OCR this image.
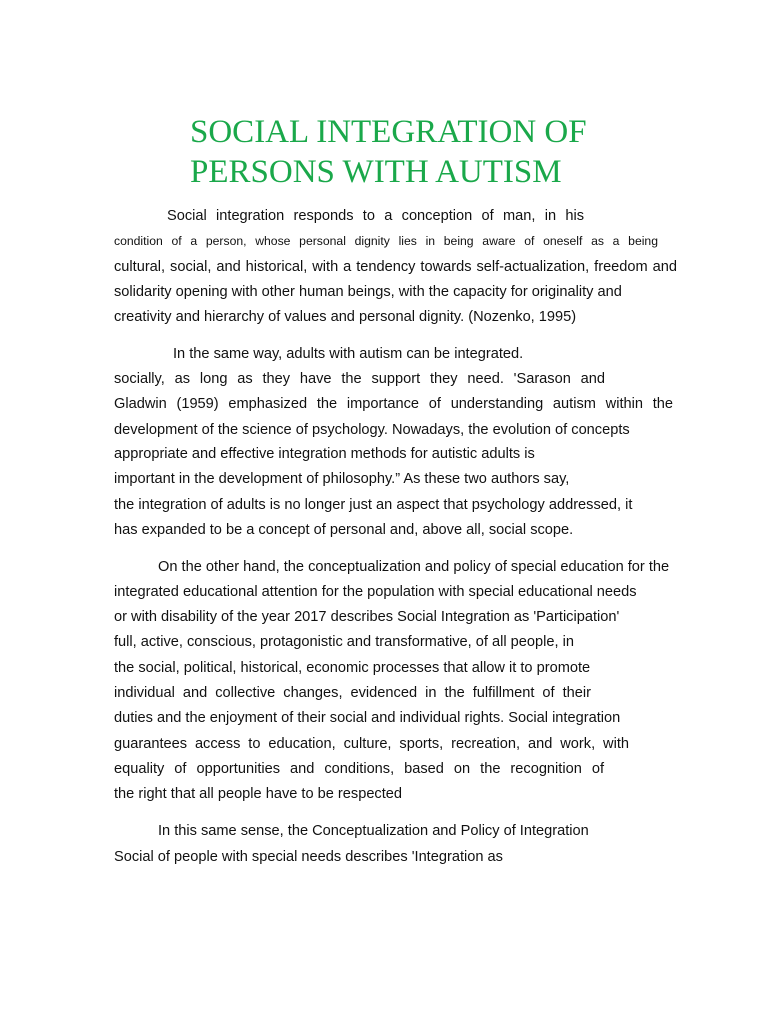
SOCIAL INTEGRATION OF
PERSONS WITH AUTISM
Social integration responds to a conception of man, in his
condition of a person, whose personal dignity lies in being aware of oneself as a being
cultural, social, and historical, with a tendency towards self-actualization, freedom and
solidarity opening with other human beings, with the capacity for originality and
creativity and hierarchy of values and personal dignity. (Nozenko, 1995)
In the same way, adults with autism can be integrated.
socially, as long as they have the support they need. 'Sarason and
Gladwin (1959) emphasized the importance of understanding autism within the
development of the science of psychology. Nowadays, the evolution of concepts
appropriate and effective integration methods for autistic adults is
important in the development of philosophy.” As these two authors say,
the integration of adults is no longer just an aspect that psychology addressed, it
has expanded to be a concept of personal and, above all, social scope.
On the other hand, the conceptualization and policy of special education for the
integrated educational attention for the population with special educational needs
or with disability of the year 2017 describes Social Integration as 'Participation'
full, active, conscious, protagonistic and transformative, of all people, in
the social, political, historical, economic processes that allow it to promote
individual and collective changes, evidenced in the fulfillment of their
duties and the enjoyment of their social and individual rights. Social integration
guarantees access to education, culture, sports, recreation, and work, with
equality of opportunities and conditions, based on the recognition of
the right that all people have to be respected
In this same sense, the Conceptualization and Policy of Integration
Social of people with special needs describes 'Integration as
